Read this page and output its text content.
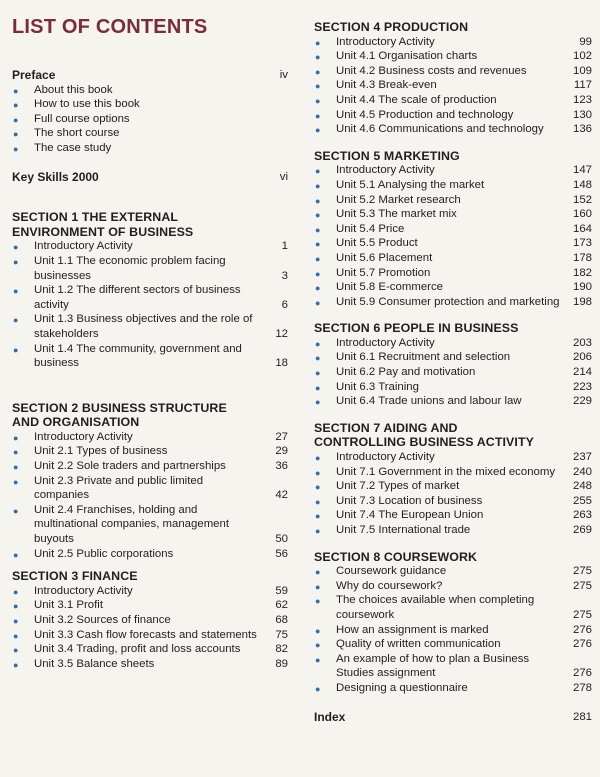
LIST OF CONTENTS
Preface	iv
●	About this book
●	How to use this book
●	Full course options
●	The short course
●	The case study
Key Skills 2000	vi
SECTION 1 THE EXTERNAL
ENVIRONMENT OF BUSINESS
●	Introductory Activity	1
●	Unit 1.1 The economic problem facing businesses	3
●	Unit 1.2 The different sectors of business activity	6
●	Unit 1.3 Business objectives and the role of stakeholders	12
●	Unit 1.4 The community, government and business	18
SECTION 2 BUSINESS STRUCTURE
AND ORGANISATION
●	Introductory Activity	27
●	Unit 2.1 Types of business	29
●	Unit 2.2 Sole traders and partnerships	36
●	Unit 2.3 Private and public limited companies	42
●	Unit 2.4 Franchises, holding and multinational companies, management buyouts	50
●	Unit 2.5 Public corporations	56
SECTION 3 FINANCE
●	Introductory Activity	59
●	Unit 3.1 Profit	62
●	Unit 3.2 Sources of finance	68
●	Unit 3.3 Cash flow forecasts and statements 75
●	Unit 3.4 Trading, profit and loss accounts	82
●	Unit 3.5 Balance sheets	89
SECTION 4 PRODUCTION
●	Introductory Activity	99
●	Unit 4.1 Organisation charts	102
●	Unit 4.2 Business costs and revenues	109
●	Unit 4.3 Break-even	117
●	Unit 4.4 The scale of production	123
●	Unit 4.5 Production and technology	130
●	Unit 4.6 Communications and technology	136
SECTION 5 MARKETING
●	Introductory Activity	147
●	Unit 5.1 Analysing the market	148
●	Unit 5.2 Market research	152
●	Unit 5.3 The market mix	160
●	Unit 5.4 Price	164
●	Unit 5.5 Product	173
●	Unit 5.6 Placement	178
●	Unit 5.7 Promotion	182
●	Unit 5.8 E-commerce	190
●	Unit 5.9 Consumer protection and marketing 198
SECTION 6 PEOPLE IN BUSINESS
●	Introductory Activity	203
●	Unit 6.1 Recruitment and selection	206
●	Unit 6.2 Pay and motivation	214
●	Unit 6.3 Training	223
●	Unit 6.4 Trade unions and labour law	229
SECTION 7 AIDING AND
CONTROLLING BUSINESS ACTIVITY
●	Introductory Activity	237
●	Unit 7.1 Government in the mixed economy 240
●	Unit 7.2 Types of market	248
●	Unit 7.3 Location of business	255
●	Unit 7.4 The European Union	263
●	Unit 7.5 International trade	269
SECTION 8 COURSEWORK
●	Coursework guidance	275
●	Why do coursework?	275
●	The choices available when completing coursework	275
●	How an assignment is marked	276
●	Quality of written communication	276
●	An example of how to plan a Business Studies assignment	276
●	Designing a questionnaire	278
Index	281
